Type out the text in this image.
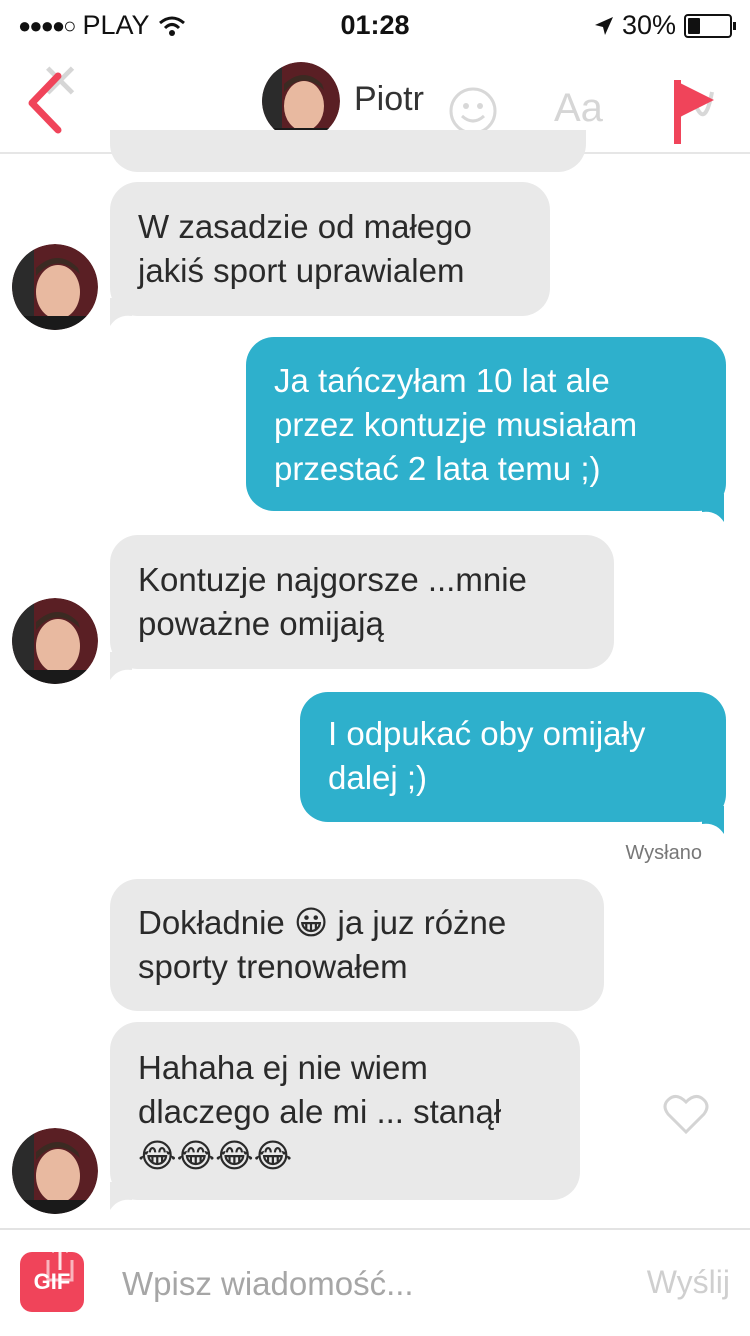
●●●●○ PLAY	01:28	30%
✕	Aa
Piotr
W zasadzie od małego
jakiś sport uprawialem
Ja tańczyłam 10 lat ale
przez kontuzje musiałam
przestać 2 lata temu ;)
Kontuzje najgorsze ...mnie
poważne omijają
I odpukać oby omijały
dalej ;)
Wysłano
Dokładnie 😀 ja juz różne
sporty trenowałem
Hahaha ej nie wiem
dlaczego ale mi ... stanął
😂😂😂😂
GIF
Wpisz wiadomość...	Wyślij
